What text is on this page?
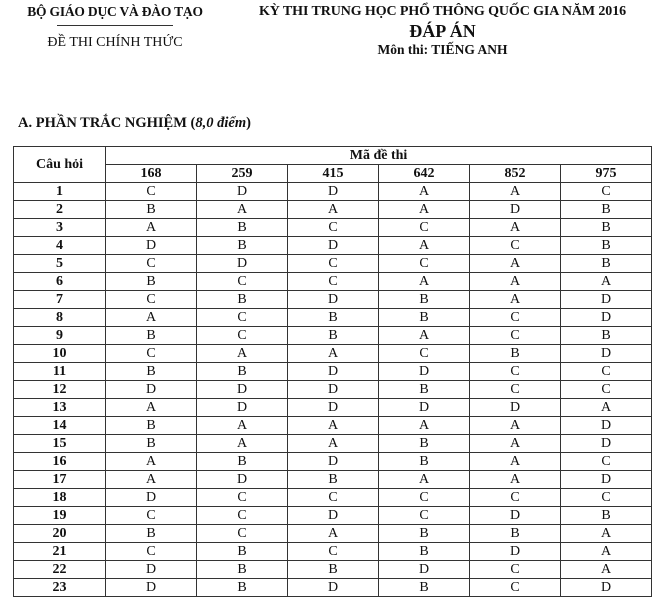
BỘ GIÁO DỤC VÀ ĐÀO TẠO
ĐỀ THI CHÍNH THỨC
KỲ THI TRUNG HỌC PHỔ THÔNG QUỐC GIA NĂM 2016
ĐÁP ÁN
Môn thi: TIẾNG ANH
A. PHẦN TRẮC NGHIỆM (8,0 điểm)
Câu hỏi	Mã đề thi					
	168	259	415	642	852	975
1	C	D	D	A	A	C
2	B	A	A	A	D	B
3	A	B	C	C	A	B
4	D	B	D	A	C	B
5	C	D	C	C	A	B
6	B	C	C	A	A	A
7	C	B	D	B	A	D
8	A	C	B	B	C	D
9	B	C	B	A	C	B
10	C	A	A	C	B	D
11	B	B	D	D	C	C
12	D	D	D	B	C	C
13	A	D	D	D	D	A
14	B	A	A	A	A	D
15	B	A	A	B	A	D
16	A	B	D	B	A	C
17	A	D	B	A	A	D
18	D	C	C	C	C	C
19	C	C	D	C	D	B
20	B	C	A	B	B	A
21	C	B	C	B	D	A
22	D	B	B	D	C	A
23	D	B	D	B	C	D
